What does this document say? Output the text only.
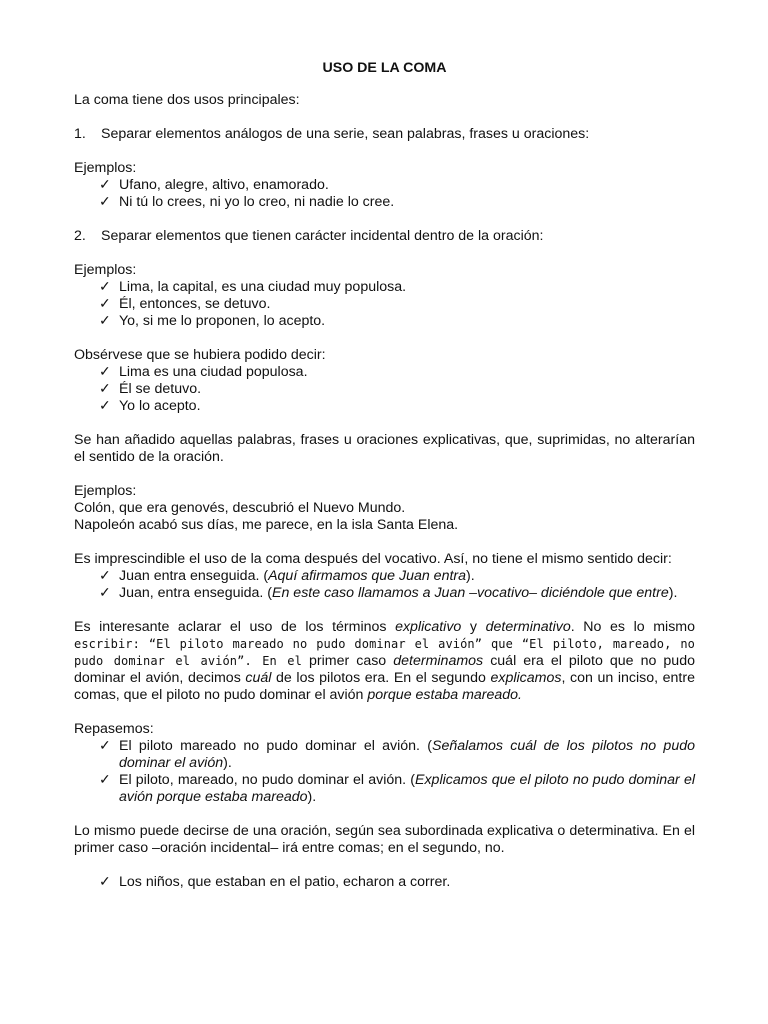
USO DE LA COMA

La coma tiene dos usos principales:

1.	Separar elementos análogos de una serie, sean palabras, frases u oraciones:

Ejemplos:

✓ Ufano, alegre, altivo, enamorado.
✓ Ni tú lo crees, ni yo lo creo, ni nadie lo cree.
2.	Separar elementos que tienen carácter incidental dentro de la oración:

Ejemplos:

✓ Lima, la capital, es una ciudad muy populosa.
✓ Él, entonces, se detuvo.
✓ Yo, si me lo proponen, lo acepto.

Obsérvese que se hubiera podido decir:

✓ Lima es una ciudad populosa.
✓ Él se detuvo.
✓ Yo lo acepto.

Se han añadido aquellas palabras, frases u oraciones explicativas, que, suprimidas, no alterarían el sentido de la oración.

Ejemplos:

Colón, que era genovés, descubrió el Nuevo Mundo.

Napoleón acabó sus días, me parece, en la isla Santa Elena.

Es imprescindible el uso de la coma después del vocativo. Así, no tiene el mismo sentido decir:

✓ Juan entra enseguida. (Aquí afirmamos que Juan entra).
✓ Juan, entra enseguida. (En este caso llamamos a Juan –vocativo– diciéndole que entre).

Es interesante aclarar el uso de los términos explicativo y determinativo. No es lo mismo escribir: “El piloto mareado no pudo dominar el avión” que “El piloto, mareado, no pudo dominar el avión”. En el primer caso determinamos cuál era el piloto que no pudo dominar el avión, decimos cuál de los pilotos era. En el segundo explicamos, con un inciso, entre comas, que el piloto no pudo dominar el avión porque estaba mareado.

Repasemos:

✓ El piloto mareado no pudo dominar el avión. (Señalamos cuál de los pilotos no pudo dominar el avión).
✓ El piloto, mareado, no pudo dominar el avión. (Explicamos que el piloto no pudo dominar el avión porque estaba mareado).

Lo mismo puede decirse de una oración, según sea subordinada explicativa o determinativa. En el primer caso –oración incidental– irá entre comas; en el segundo, no.

✓ Los niños, que estaban en el patio, echaron a correr.
